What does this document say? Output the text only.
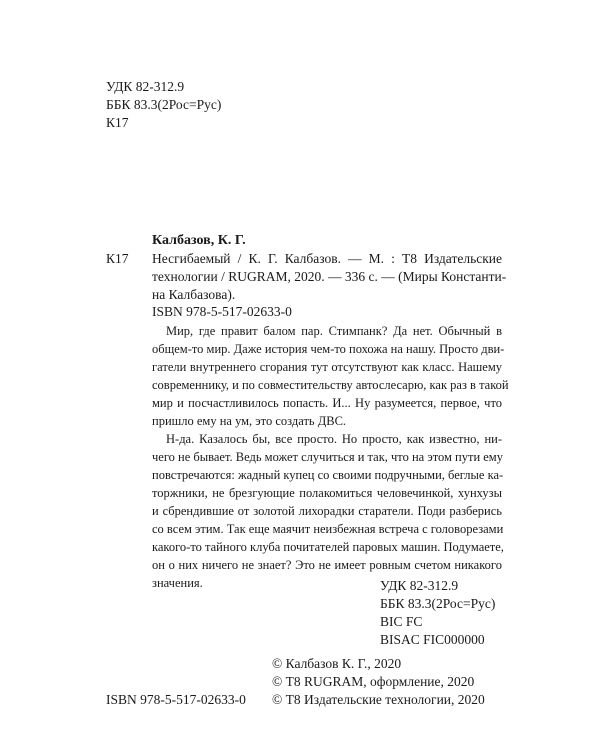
УДК 82-312.9
ББК 83.3(2Рос=Рус)
К17
Калбазов, К. Г.
К17 Несгибаемый / К. Г. Калбазов. — М. : Т8 Издательские
технологии / RUGRAM, 2020. — 336 с. — (Миры Константи-
на Калбазова).
ISBN 978-5-517-02633-0
Мир, где правит балом пар. Стимпанк? Да нет. Обычный в
общем-то мир. Даже история чем-то похожа на нашу. Просто дви-
гатели внутреннего сгорания тут отсутствуют как класс. Нашему
современнику, и по совместительству автослесарю, как раз в такой
мир и посчастливилось попасть. И... Ну разумеется, первое, что
пришло ему на ум, это создать ДВС.
Н-да. Казалось бы, все просто. Но просто, как известно, ни-
чего не бывает. Ведь может случиться и так, что на этом пути ему
повстречаются: жадный купец со своими подручными, беглые ка-
торжники, не брезгующие полакомиться человечинкой, хунхузы
и сбрендившие от золотой лихорадки старатели. Поди разберись
со всем этим. Так еще маячит неизбежная встреча с головорезами
какого-то тайного клуба почитателей паровых машин. Подумаете,
он о них ничего не знает? Это не имеет ровным счетом никакого
значения.	УДК 82-312.9
ББК 83.3(2Рос=Рус)
BIC FC
BISAC FIC000000
© Калбазов К. Г., 2020
© Т8 RUGRAM, оформление, 2020
© Т8 Издательские технологии, 2020
ISBN 978-5-517-02633-0
